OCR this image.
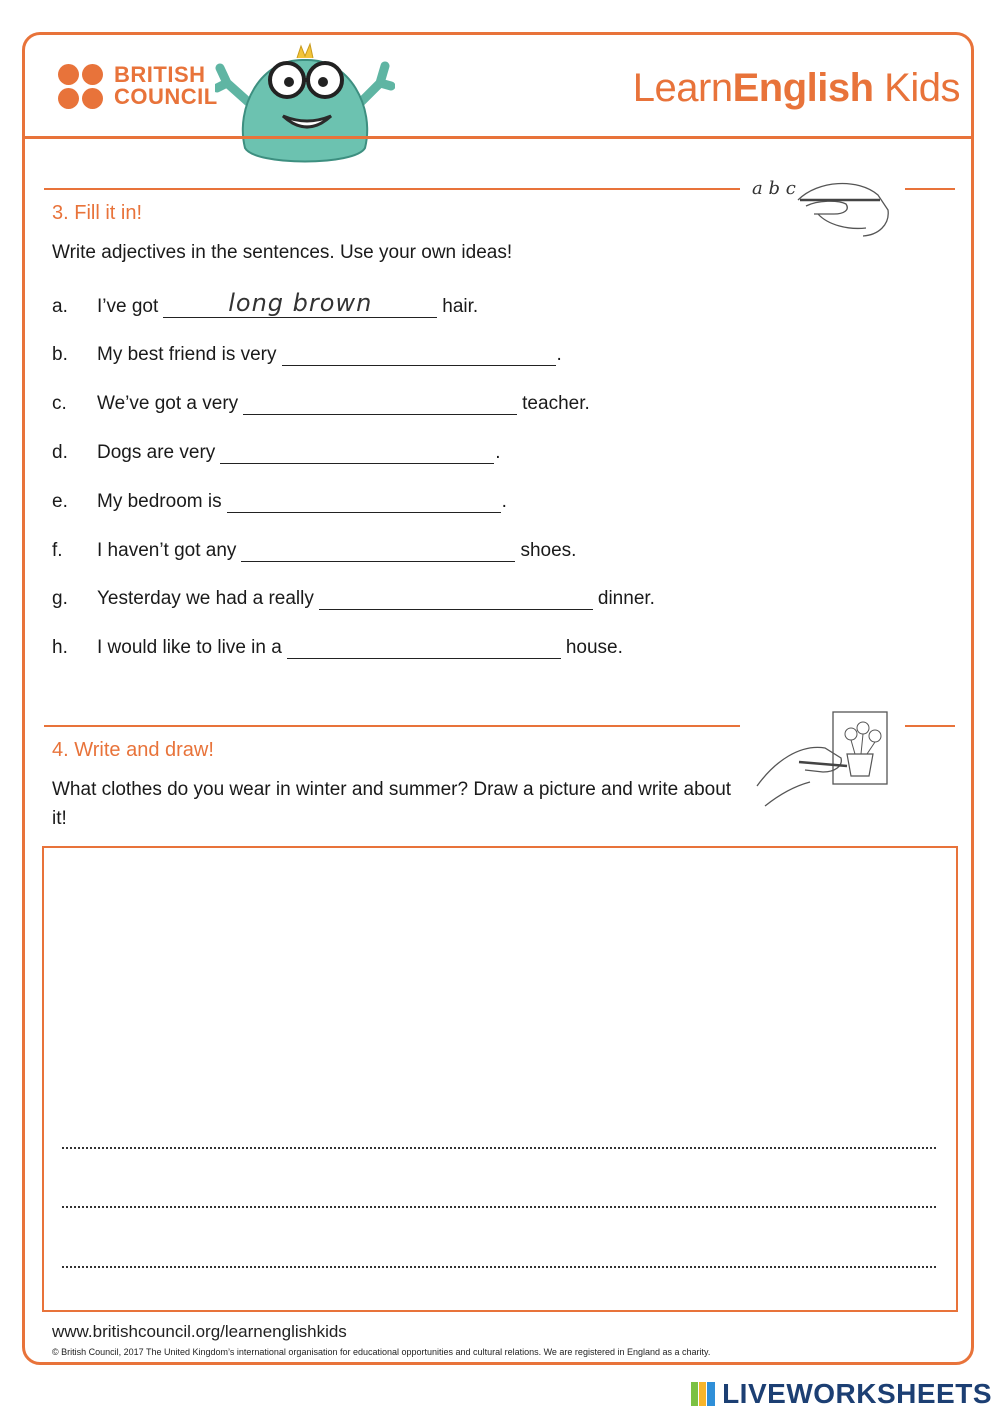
BRITISH
COUNCIL	LearnEnglish Kids
a b c
3. Fill it in!
Write adjectives in the sentences. Use your own ideas!
a.	I’ve got	long brown	hair.
b.	My best friend is very	.
c.	We’ve got a very	teacher.
d.	Dogs are very	.
e.	My bedroom is	.
f.	I haven’t got any	shoes.
g.	Yesterday we had a really	dinner.
h.	I would like to live in a	house.
4. Write and draw!
What clothes do you wear in winter and summer? Draw a picture and write about it!
www.britishcouncil.org/learnenglishkids
© British Council, 2017 The United Kingdom’s international organisation for educational opportunities and cultural relations. We are registered in England as a charity.
LIVEWORKSHEETS
